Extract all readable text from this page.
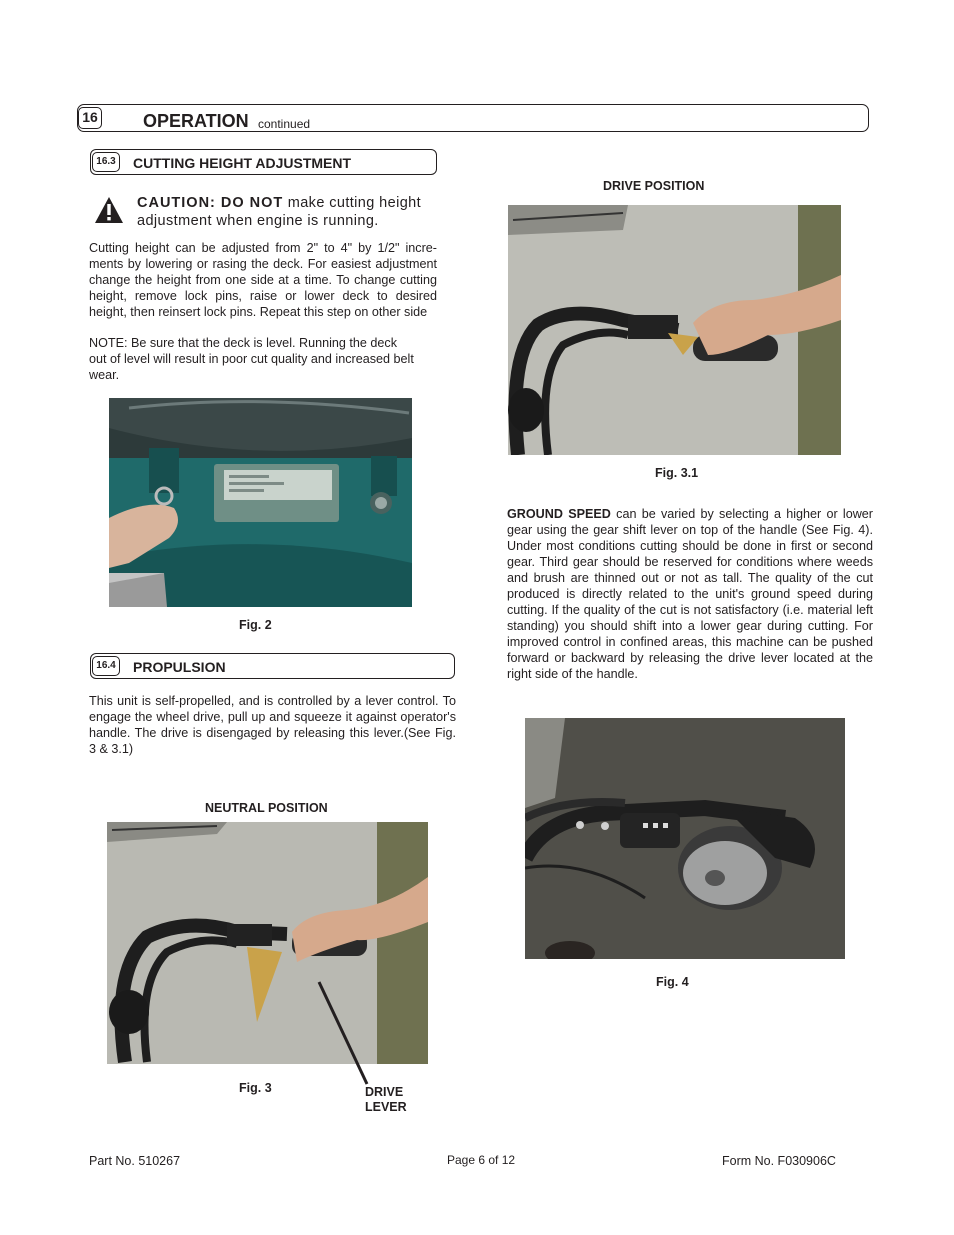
16	OPERATION continued
16.3	CUTTING HEIGHT ADJUSTMENT
CAUTION: DO NOT make cutting height adjustment when engine is running.
Cutting height can be adjusted from 2" to 4" by 1/2" incre-ments by lowering or rasing the deck. For easiest adjustment change the height from one side at a time. To change cutting height, remove lock pins, raise or lower deck to desired height, then reinsert lock pins. Repeat this step on other side
NOTE: Be sure that the deck is level. Running the deck
out of level will result in poor cut quality and increased belt wear.
Fig. 2
16.4	PROPULSION
This unit is self-propelled, and is controlled by a lever control. To engage the wheel drive, pull up and squeeze it against operator's handle. The drive is disengaged by releasing this lever.(See Fig. 3 & 3.1)
NEUTRAL POSITION
Fig. 3	DRIVE
LEVER
DRIVE POSITION
Fig. 3.1
GROUND SPEED can be varied by selecting a higher or lower gear using the gear shift lever on top of the handle (See Fig. 4). Under most conditions cutting should be done in first or second gear. Third gear should be reserved for conditions where weeds and brush are thinned out or not as tall. The quality of the cut produced is directly related to the unit's ground speed during cutting. If the quality of the cut is not satisfactory (i.e. material left standing) you should shift into a lower gear during cutting. For improved control in confined areas, this machine can be pushed forward or backward by releasing the drive lever located at the right side of the handle.
Fig. 4
Part No. 510267	Page 6 of 12	Form No. F030906C
